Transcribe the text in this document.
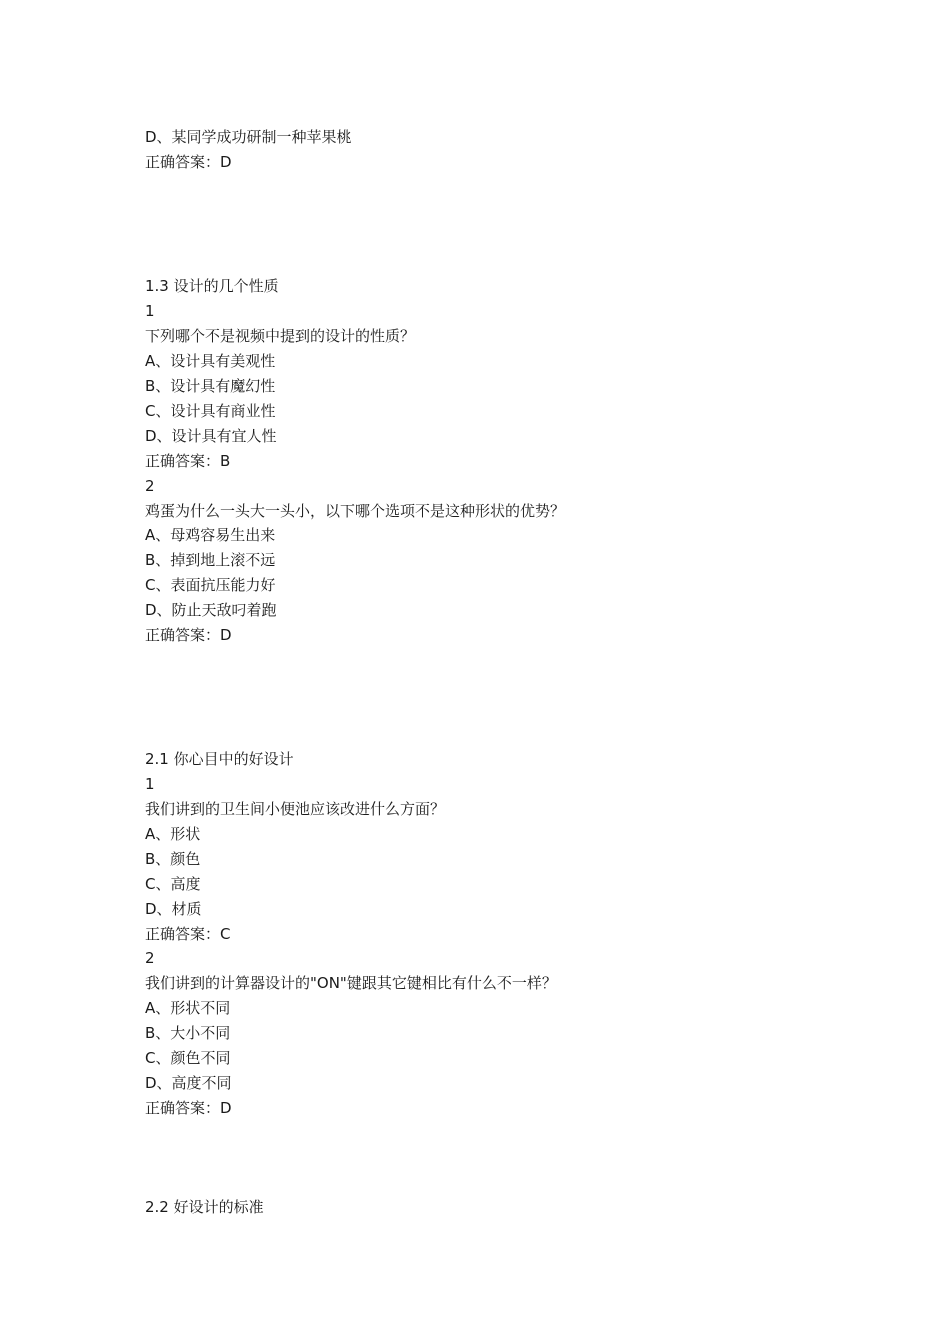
D、某同学成功研制一种苹果桃
正确答案：D
1.3 设计的几个性质
1
下列哪个不是视频中提到的设计的性质？
A、设计具有美观性
B、设计具有魔幻性
C、设计具有商业性
D、设计具有宜人性
正确答案：B
2
鸡蛋为什么一头大一头小，以下哪个选项不是这种形状的优势？
A、母鸡容易生出来
B、掉到地上滚不远
C、表面抗压能力好
D、防止天敌叼着跑
正确答案：D
2.1 你心目中的好设计
1
我们讲到的卫生间小便池应该改进什么方面？
A、形状
B、颜色
C、高度
D、材质
正确答案：C
2
我们讲到的计算器设计的"ON"键跟其它键相比有什么不一样？
A、形状不同
B、大小不同
C、颜色不同
D、高度不同
正确答案：D
2.2 好设计的标准
